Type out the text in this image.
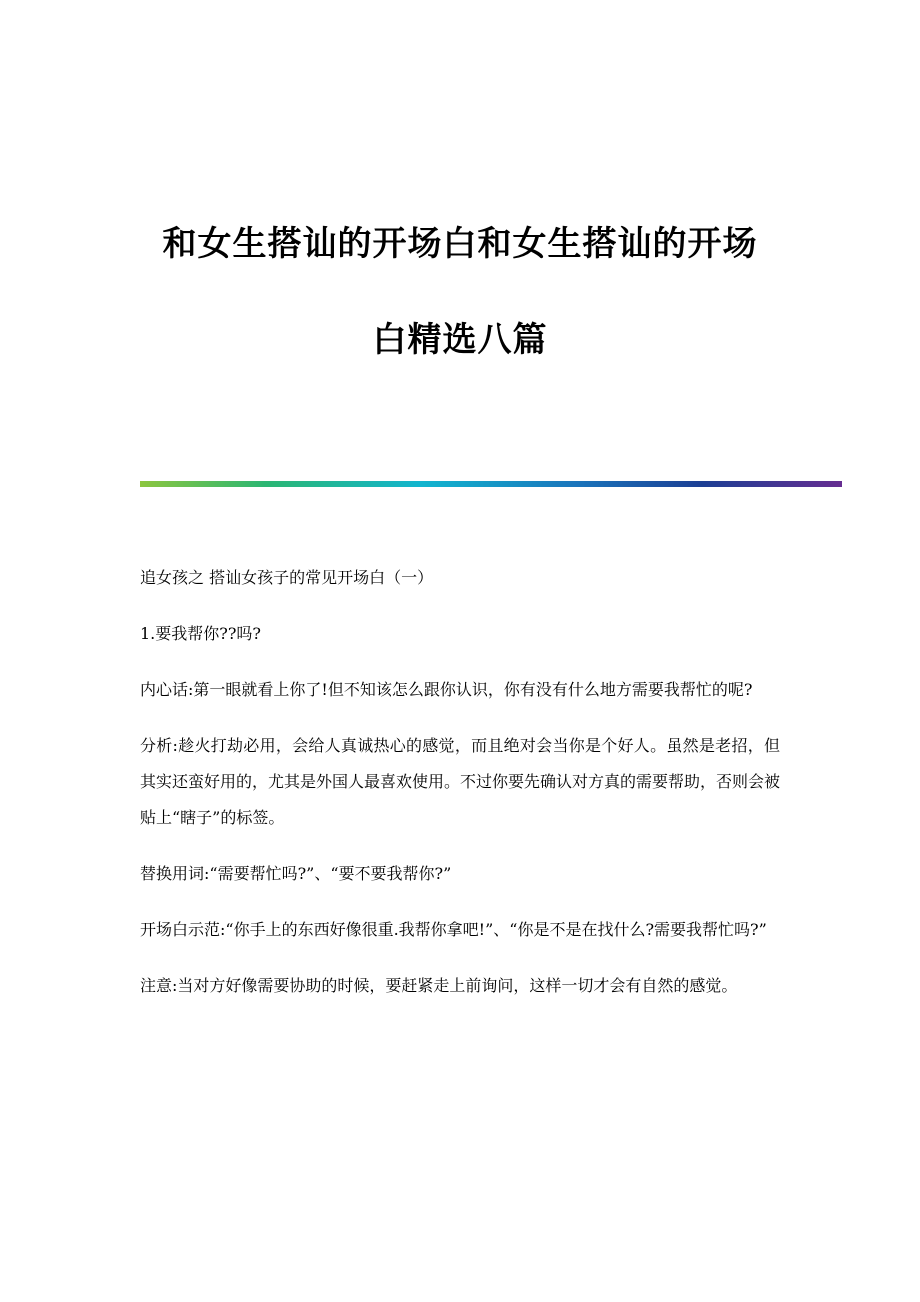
和女生搭讪的开场白和女生搭讪的开场
白精选八篇

追女孩之 搭讪女孩子的常见开场白（一）

1.要我帮你??吗?

内心话:第一眼就看上你了!但不知该怎么跟你认识，你有没有什么地方需要我帮忙的呢?

分析:趁火打劫必用，会给人真诚热心的感觉，而且绝对会当你是个好人。虽然是老招，但其实还蛮好用的，尤其是外国人最喜欢使用。不过你要先确认对方真的需要帮助，否则会被贴上“瞎子”的标签。

替换用词:“需要帮忙吗?”、“要不要我帮你?”

开场白示范:“你手上的东西好像很重.我帮你拿吧!”、“你是不是在找什么?需要我帮忙吗?”

注意:当对方好像需要协助的时候，要赶紧走上前询问，这样一切才会有自然的感觉。
